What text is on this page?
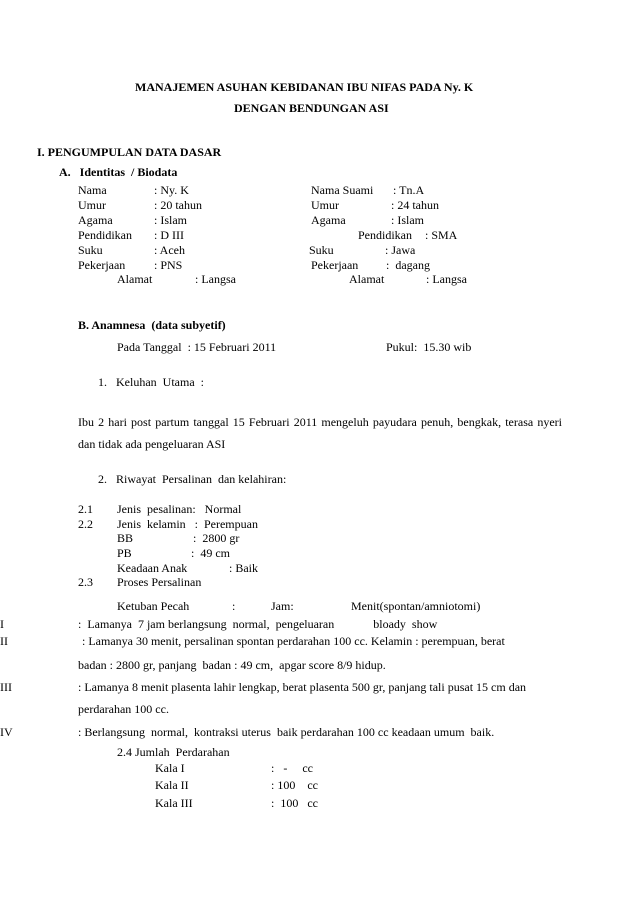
MANAJEMEN ASUHAN KEBIDANAN IBU NIFAS PADA Ny. K
DENGAN BENDUNGAN ASI
I. PENGUMPULAN DATA DASAR
A.   Identitas  / Biodata
Nama	: Ny. K	Nama Suami : Tn.A
Umur	: 20 tahun	Umur	: 24 tahun
Agama	: Islam	Agama	: Islam
Pendidikan : D III	Pendidikan : SMA
Suku	: Aceh	Suku	: Jawa
Pekerjaan : PNS	Pekerjaan :  dagang
Alamat	: Langsa	Alamat	: Langsa
B. Anamnesa  (data subyetif)
Pada Tanggal  : 15 Februari 2011	Pukul:  15.30 wib
1.   Keluhan  Utama  :
Ibu 2 hari post partum tanggal 15 Februari 2011 mengeluh payudara penuh, bengkak, terasa nyeri dan tidak ada pengeluaran ASI
2.   Riwayat  Persalinan  dan kelahiran:
2.1 Jenis  pesalinan:   Normal
2.2 Jenis  kelamin   :  Perempuan
BB	:  2800 gr
PB	:  49 cm
Keadaan Anak	: Baik
2.3 Proses Persalinan
Ketuban Pecah	:	Jam:	Menit(spontan/amniotomi)
I	:  Lamanya  7 jam berlangsung  normal,  pengeluaran             bloady  show
II	: Lamanya 30 menit, persalinan spontan perdarahan 100 cc. Kelamin : perempuan, berat
badan : 2800 gr, panjang  badan : 49 cm,  apgar score 8/9 hidup.
III	: Lamanya 8 menit plasenta lahir lengkap, berat plasenta 500 gr, panjang tali pusat 15 cm dan
perdarahan 100 cc.
IV	: Berlangsung  normal,  kontraksi uterus  baik perdarahan 100 cc keadaan umum  baik.
2.4 Jumlah  Perdarahan
Kala I	:   -     cc
Kala II	: 100    cc
Kala III	:  100   cc
